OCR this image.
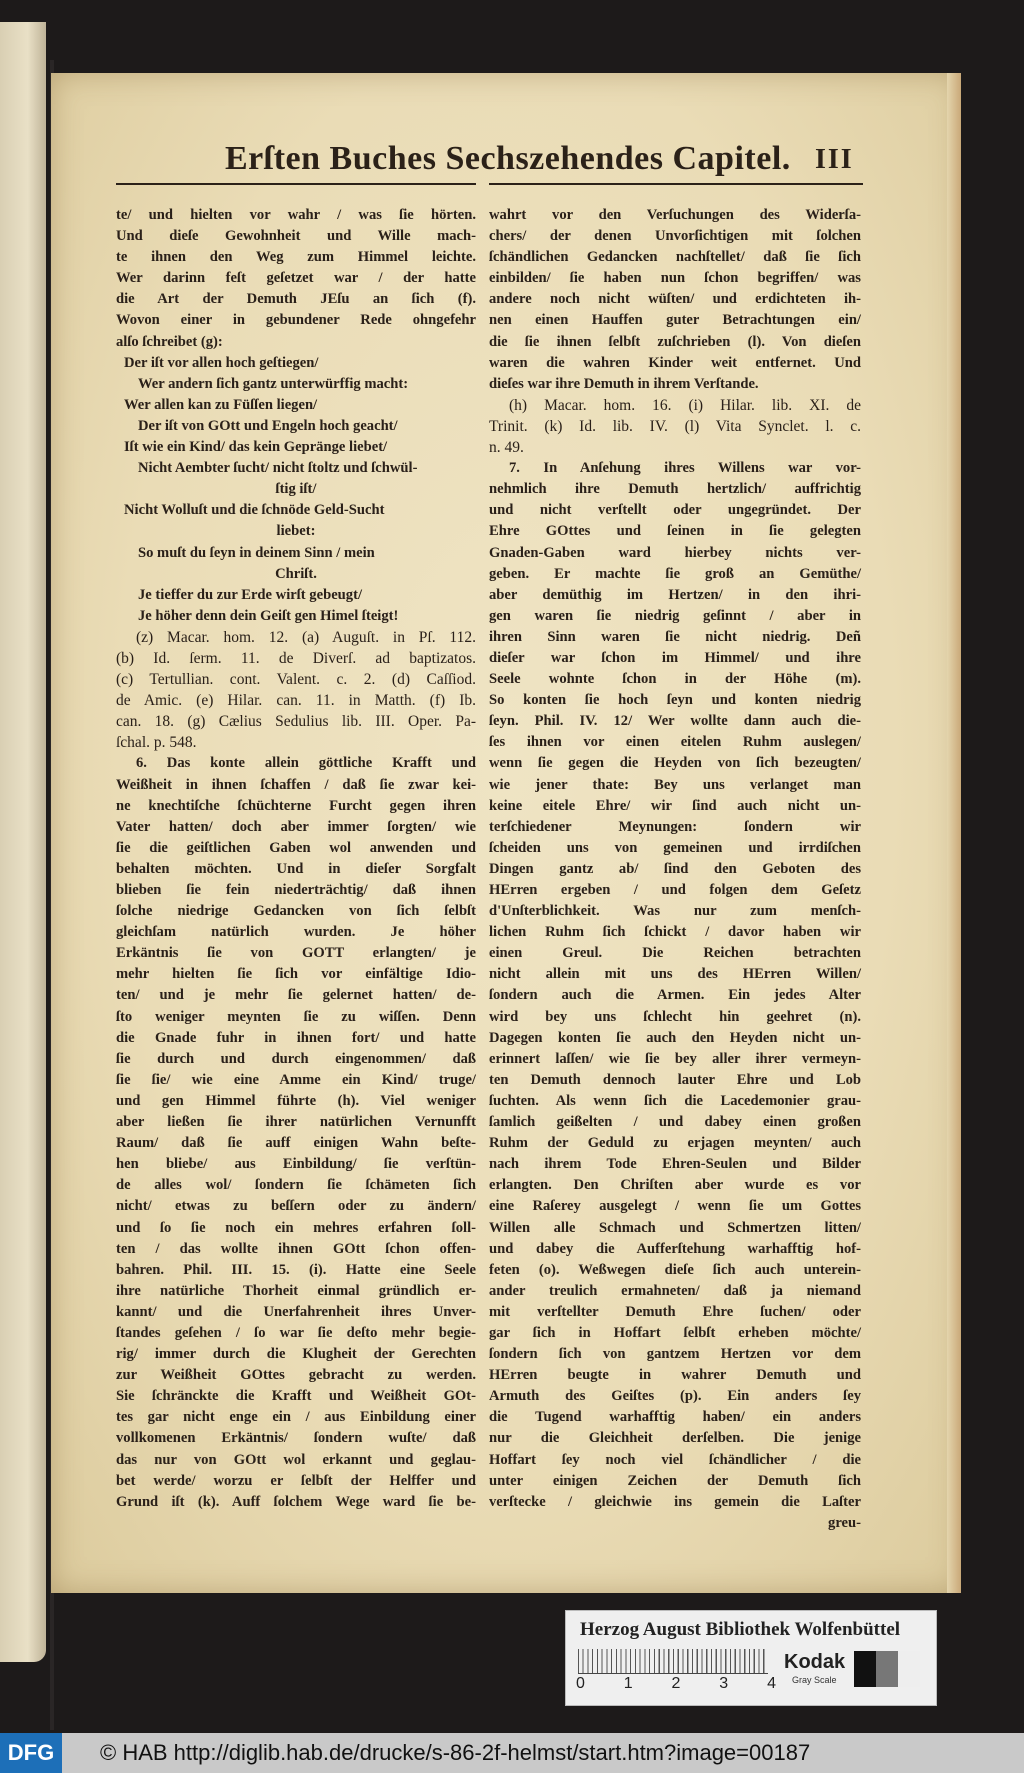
Erſten Buches Sechszehendes Capitel. III
te/ und hielten vor wahr / was ſie hörten.
Und dieſe Gewohnheit und Wille mach-
te ihnen den Weg zum Himmel leichte.
Wer darinn feſt geſetzet war / der hatte
die Art der Demuth JEſu an ſich (f).
Wovon einer in gebundener Rede ohngefehr
alſo ſchreibet (g):
Der iſt vor allen hoch geſtiegen/
Wer andern ſich gantz unterwürffig macht:
Wer allen kan zu Füſſen liegen/
Der iſt von GOtt und Engeln hoch geacht/
Iſt wie ein Kind/ das kein Gepränge liebet/
Nicht Aembter ſucht/ nicht ſtoltz und ſchwül-
ſtig iſt/
Nicht Wolluſt und die ſchnöde Geld-Sucht
liebet:
So muſt du ſeyn in deinem Sinn / mein
Chriſt.
Je tieffer du zur Erde wirſt gebeugt/
Je höher denn dein Geiſt gen Himel ſteigt!
(z) Macar. hom. 12. (a) Auguſt. in Pſ. 112.
(b) Id. ſerm. 11. de Diverſ. ad baptizatos.
(c) Tertullian. cont. Valent. c. 2. (d) Caſſiod.
de Amic. (e) Hilar. can. 11. in Matth. (f) Ib.
can. 18. (g) Cælius Sedulius lib. III. Oper. Pa-
ſchal. p. 548.
6. Das konte allein göttliche Krafft und
Weißheit in ihnen ſchaffen / daß ſie zwar kei-
ne knechtiſche ſchüchterne Furcht gegen ihren
Vater hatten/ doch aber immer ſorgten/ wie
ſie die geiſtlichen Gaben wol anwenden und
behalten möchten. Und in dieſer Sorgfalt
blieben ſie fein niederträchtig/ daß ihnen
ſolche niedrige Gedancken von ſich ſelbſt
gleichſam natürlich wurden. Je höher
Erkäntnis ſie von GOTT erlangten/ je
mehr hielten ſie ſich vor einfältige Idio-
ten/ und je mehr ſie gelernet hatten/ de-
ſto weniger meynten ſie zu wiſſen. Denn
die Gnade fuhr in ihnen fort/ und hatte
ſie durch und durch eingenommen/ daß
ſie ſie/ wie eine Amme ein Kind/ truge/
und gen Himmel führte (h). Viel weniger
aber ließen ſie ihrer natürlichen Vernunfft
Raum/ daß ſie auff einigen Wahn beſte-
hen bliebe/ aus Einbildung/ ſie verſtün-
de alles wol/ ſondern ſie ſchämeten ſich
nicht/ etwas zu beſſern oder zu ändern/
und ſo ſie noch ein mehres erfahren ſoll-
ten / das wollte ihnen GOtt ſchon offen-
bahren. Phil. III. 15. (i). Hatte eine Seele
ihre natürliche Thorheit einmal gründlich er-
kannt/ und die Unerfahrenheit ihres Unver-
ſtandes geſehen / ſo war ſie deſto mehr begie-
rig/ immer durch die Klugheit der Gerechten
zur Weißheit GOttes gebracht zu werden.
Sie ſchränckte die Krafft und Weißheit GOt-
tes gar nicht enge ein / aus Einbildung einer
vollkomenen Erkäntnis/ ſondern wuſte/ daß
das nur von GOtt wol erkannt und geglau-
bet werde/ worzu er ſelbſt der Helffer und
Grund iſt (k). Auff ſolchem Wege ward ſie be-
wahrt vor den Verſuchungen des Widerſa-
chers/ der denen Unvorſichtigen mit ſolchen
ſchändlichen Gedancken nachſtellet/ daß ſie ſich
einbilden/ ſie haben nun ſchon begriffen/ was
andere noch nicht wüſten/ und erdichteten ih-
nen einen Hauffen guter Betrachtungen ein/
die ſie ihnen ſelbſt zuſchrieben (l). Von dieſen
waren die wahren Kinder weit entfernet. Und
dieſes war ihre Demuth in ihrem Verſtande.
(h) Macar. hom. 16. (i) Hilar. lib. XI. de
Trinit. (k) Id. lib. IV. (l) Vita Synclet. l. c.
n. 49.
7. In Anſehung ihres Willens war vor-
nehmlich ihre Demuth hertzlich/ auffrichtig
und nicht verſtellt oder ungegründet. Der
Ehre GOttes und ſeinen in ſie gelegten
Gnaden-Gaben ward hierbey nichts ver-
geben. Er machte ſie groß an Gemüthe/
aber demüthig im Hertzen/ in den ihri-
gen waren ſie niedrig geſinnt / aber in
ihren Sinn waren ſie nicht niedrig. Deñ
dieſer war ſchon im Himmel/ und ihre
Seele wohnte ſchon in der Höhe (m).
So konten ſie hoch ſeyn und konten niedrig
ſeyn. Phil. IV. 12/ Wer wollte dann auch die-
ſes ihnen vor einen eitelen Ruhm auslegen/
wenn ſie gegen die Heyden von ſich bezeugten/
wie jener thate: Bey uns verlanget man
keine eitele Ehre/ wir ſind auch nicht un-
terſchiedener Meynungen: ſondern wir
ſcheiden uns von gemeinen und irrdiſchen
Dingen gantz ab/ ſind den Geboten des
HErren ergeben / und folgen dem Geſetz
d'Unſterblichkeit. Was nur zum menſch-
lichen Ruhm ſich ſchickt / davor haben wir
einen Greul. Die Reichen betrachten
nicht allein mit uns des HErren Willen/
ſondern auch die Armen. Ein jedes Alter
wird bey uns ſchlecht hin geehret (n).
Dagegen konten ſie auch den Heyden nicht un-
erinnert laſſen/ wie ſie bey aller ihrer vermeyn-
ten Demuth dennoch lauter Ehre und Lob
ſuchten. Als wenn ſich die Lacedemonier grau-
ſamlich geißelten / und dabey einen großen
Ruhm der Geduld zu erjagen meynten/ auch
nach ihrem Tode Ehren-Seulen und Bilder
erlangten. Den Chriſten aber wurde es vor
eine Raſerey ausgelegt / wenn ſie um Gottes
Willen alle Schmach und Schmertzen litten/
und dabey die Aufferſtehung warhafftig hof-
feten (o). Weßwegen dieſe ſich auch unterein-
ander treulich ermahneten/ daß ja niemand
mit verſtellter Demuth Ehre ſuchen/ oder
gar ſich in Hoffart ſelbſt erheben möchte/
ſondern ſich von gantzem Hertzen vor dem
HErren beugte in wahrer Demuth und
Armuth des Geiſtes (p). Ein anders ſey
die Tugend warhafftig haben/ ein anders
nur die Gleichheit derſelben. Die jenige
Hoffart ſey noch viel ſchändlicher / die
unter einigen Zeichen der Demuth ſich
verſtecke / gleichwie ins gemein die Laſter
greu-
Herzog August Bibliothek Wolfenbüttel
0 1 2 3 4
Kodak
Gray Scale
DFG	© HAB http://diglib.hab.de/drucke/s-86-2f-helmst/start.htm?image=00187
